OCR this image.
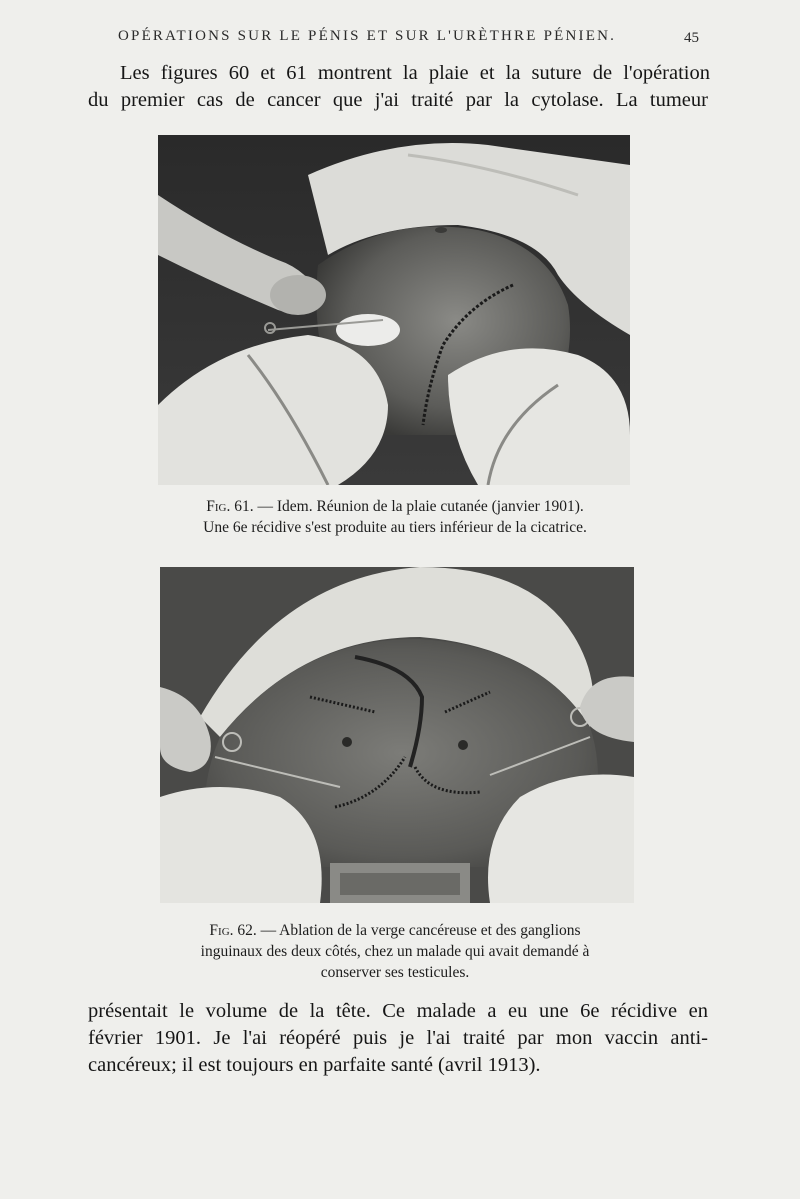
OPÉRATIONS SUR LE PÉNIS ET SUR L'URÈTHRE PÉNIEN.	45

Les figures 60 et 61 montrent la plaie et la suture de l'opération

du premier cas de cancer que j'ai traité par la cytolase. La tumeur

Fig. 61. — Idem. Réunion de la plaie cutanée (janvier 1901).
Une 6e récidive s'est produite au tiers inférieur de la cicatrice.
Fig. 62. — Ablation de la verge cancéreuse et des ganglions
inguinaux des deux côtés, chez un malade qui avait demandé à
conserver ses testicules.

présentait le volume de la tête. Ce malade a eu une 6e récidive en

février 1901. Je l'ai réopéré puis je l'ai traité par mon vaccin anti-

cancéreux; il est toujours en parfaite santé (avril 1913).
